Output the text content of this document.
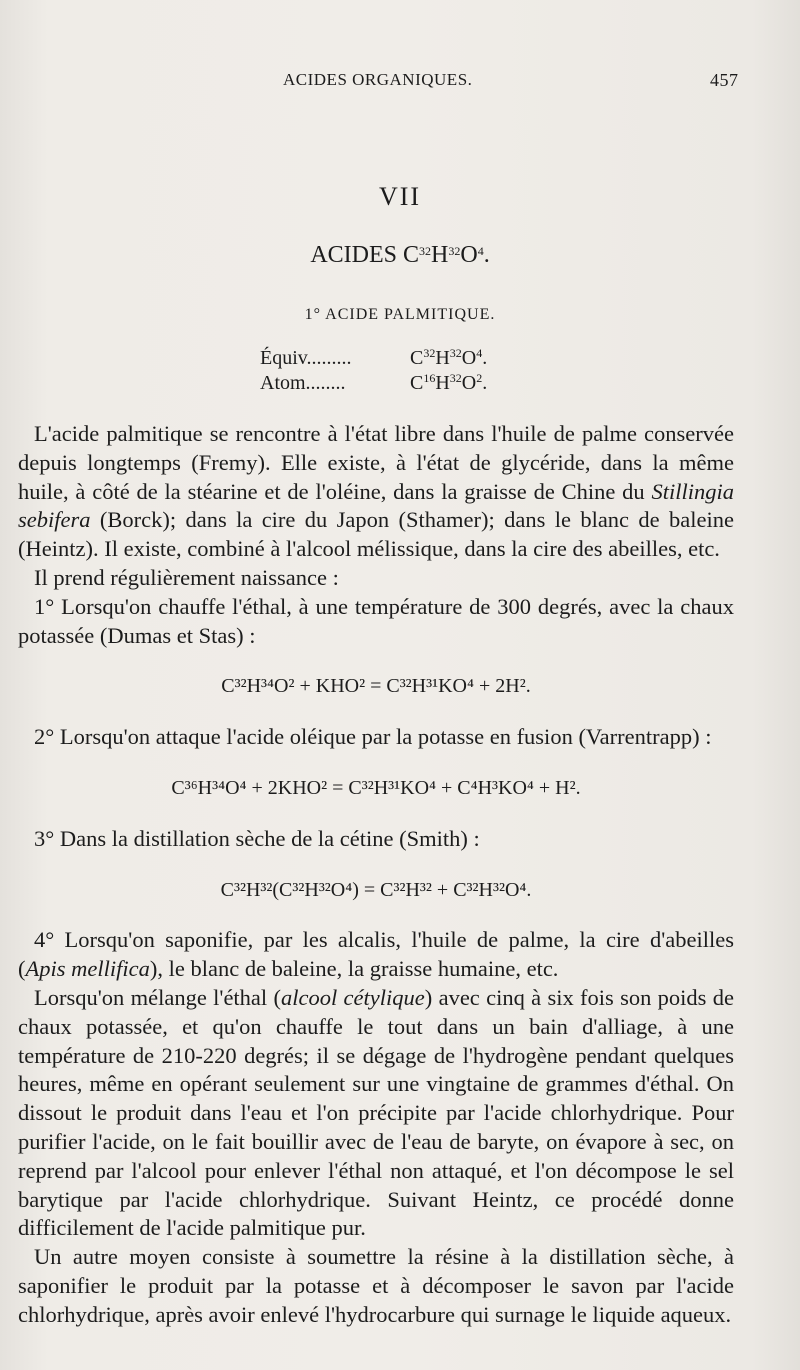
ACIDES ORGANIQUES.	457
VII
ACIDES $C^{32}H^{32}O^4$.
1° ACIDE PALMITIQUE.
Équiv.........	$C^{32}H^{32}O^4$.
Atom........	$C^{16}H^{32}O^2$.

L'acide palmitique se rencontre à l'état libre dans l'huile de palme conservée depuis longtemps (Fremy). Elle existe, à l'état de glycéride, dans la même huile, à côté de la stéarine et de l'oléine, dans la graisse de Chine du Stillingia sebifera (Borck); dans la cire du Japon (Sthamer); dans le blanc de baleine (Heintz). Il existe, combiné à l'alcool mélissique, dans la cire des abeilles, etc.

Il prend régulièrement naissance :

1° Lorsqu'on chauffe l'éthal, à une température de 300 degrés, avec la chaux potassée (Dumas et Stas) :

C³²H³⁴O² + KHO² = C³²H³¹KO⁴ + 2H².

2° Lorsqu'on attaque l'acide oléique par la potasse en fusion (Varrentrapp) :

C³⁶H³⁴O⁴ + 2KHO² = C³²H³¹KO⁴ + C⁴H³KO⁴ + H².

3° Dans la distillation sèche de la cétine (Smith) :

C³²H³²(C³²H³²O⁴) = C³²H³² + C³²H³²O⁴.

4° Lorsqu'on saponifie, par les alcalis, l'huile de palme, la cire d'abeilles (Apis mellifica), le blanc de baleine, la graisse humaine, etc.

Lorsqu'on mélange l'éthal (alcool cétylique) avec cinq à six fois son poids de chaux potassée, et qu'on chauffe le tout dans un bain d'alliage, à une température de 210-220 degrés; il se dégage de l'hydrogène pendant quelques heures, même en opérant seulement sur une vingtaine de grammes d'éthal. On dissout le produit dans l'eau et l'on précipite par l'acide chlorhydrique. Pour purifier l'acide, on le fait bouillir avec de l'eau de baryte, on évapore à sec, on reprend par l'alcool pour enlever l'éthal non attaqué, et l'on décompose le sel barytique par l'acide chlorhydrique. Suivant Heintz, ce procédé donne difficilement de l'acide palmitique pur.

Un autre moyen consiste à soumettre la résine à la distillation sèche, à saponifier le produit par la potasse et à décomposer le savon par l'acide chlorhydrique, après avoir enlevé l'hydrocarbure qui surnage le liquide aqueux.
